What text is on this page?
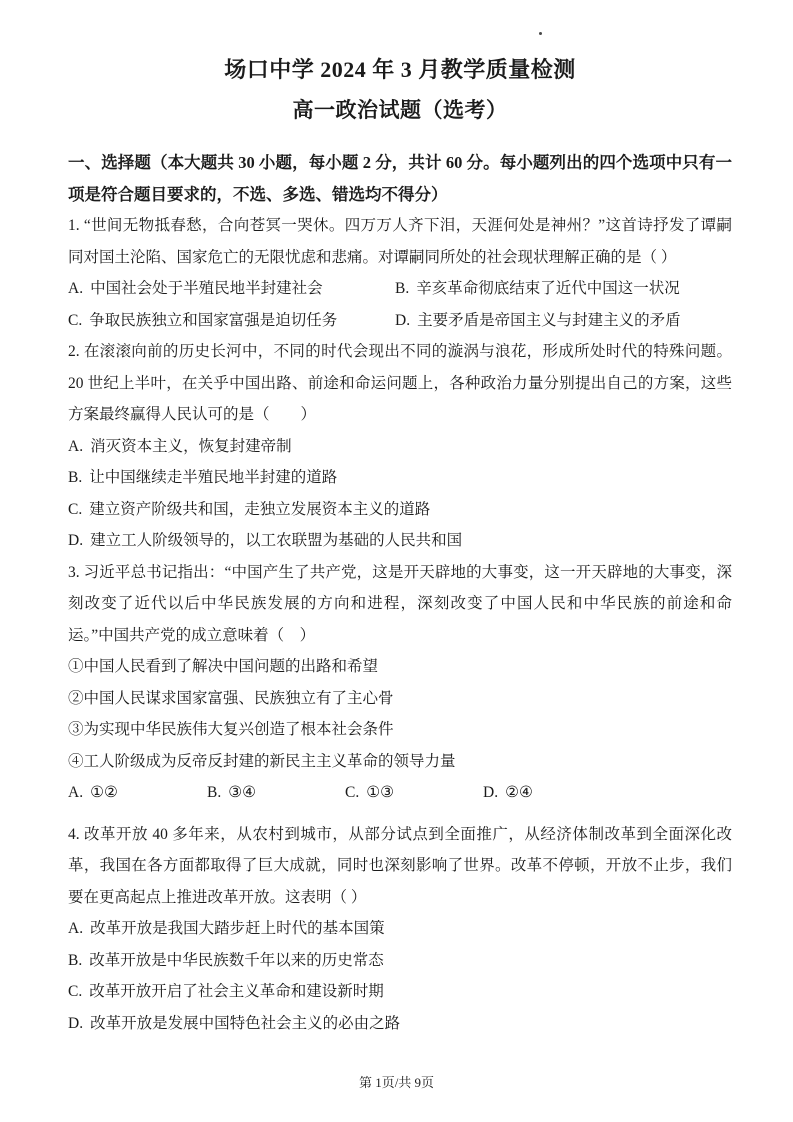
场口中学 2024 年 3 月教学质量检测
高一政治试题（选考）

一、选择题（本大题共 30 小题，每小题 2 分，共计 60 分。每小题列出的四个选项中只有一项是符合题目要求的，不选、多选、错选均不得分）

1. “世间无物抵春愁，合向苍冥一哭休。四万万人齐下泪，天涯何处是神州？”这首诗抒发了谭嗣同对国土沦陷、国家危亡的无限忧虑和悲痛。对谭嗣同所处的社会现状理解正确的是（ ）

A. 中国社会处于半殖民地半封建社会	B. 辛亥革命彻底结束了近代中国这一状况
C. 争取民族独立和国家富强是迫切任务	D. 主要矛盾是帝国主义与封建主义的矛盾

2. 在滚滚向前的历史长河中，不同的时代会现出不同的漩涡与浪花，形成所处时代的特殊问题。20 世纪上半叶，在关乎中国出路、前途和命运问题上，各种政治力量分别提出自己的方案，这些方案最终赢得人民认可的是（　　）

A. 消灭资本主义，恢复封建帝制
B. 让中国继续走半殖民地半封建的道路
C. 建立资产阶级共和国，走独立发展资本主义的道路
D. 建立工人阶级领导的，以工农联盟为基础的人民共和国

3. 习近平总书记指出：“中国产生了共产党，这是开天辟地的大事变，这一开天辟地的大事变，深刻改变了近代以后中华民族发展的方向和进程，深刻改变了中国人民和中华民族的前途和命运。”中国共产党的成立意味着（　）

①中国人民看到了解决中国问题的出路和希望

②中国人民谋求国家富强、民族独立有了主心骨

③为实现中华民族伟大复兴创造了根本社会条件

④工人阶级成为反帝反封建的新民主主义革命的领导力量

A. ①②	B. ③④	C. ①③	D. ②④

4. 改革开放 40 多年来，从农村到城市，从部分试点到全面推广，从经济体制改革到全面深化改革，我国在各方面都取得了巨大成就，同时也深刻影响了世界。改革不停顿，开放不止步，我们要在更高起点上推进改革开放。这表明（ ）

A. 改革开放是我国大踏步赶上时代的基本国策
B. 改革开放是中华民族数千年以来的历史常态
C. 改革开放开启了社会主义革命和建设新时期
D. 改革开放是发展中国特色社会主义的必由之路
第 1页/共 9页
